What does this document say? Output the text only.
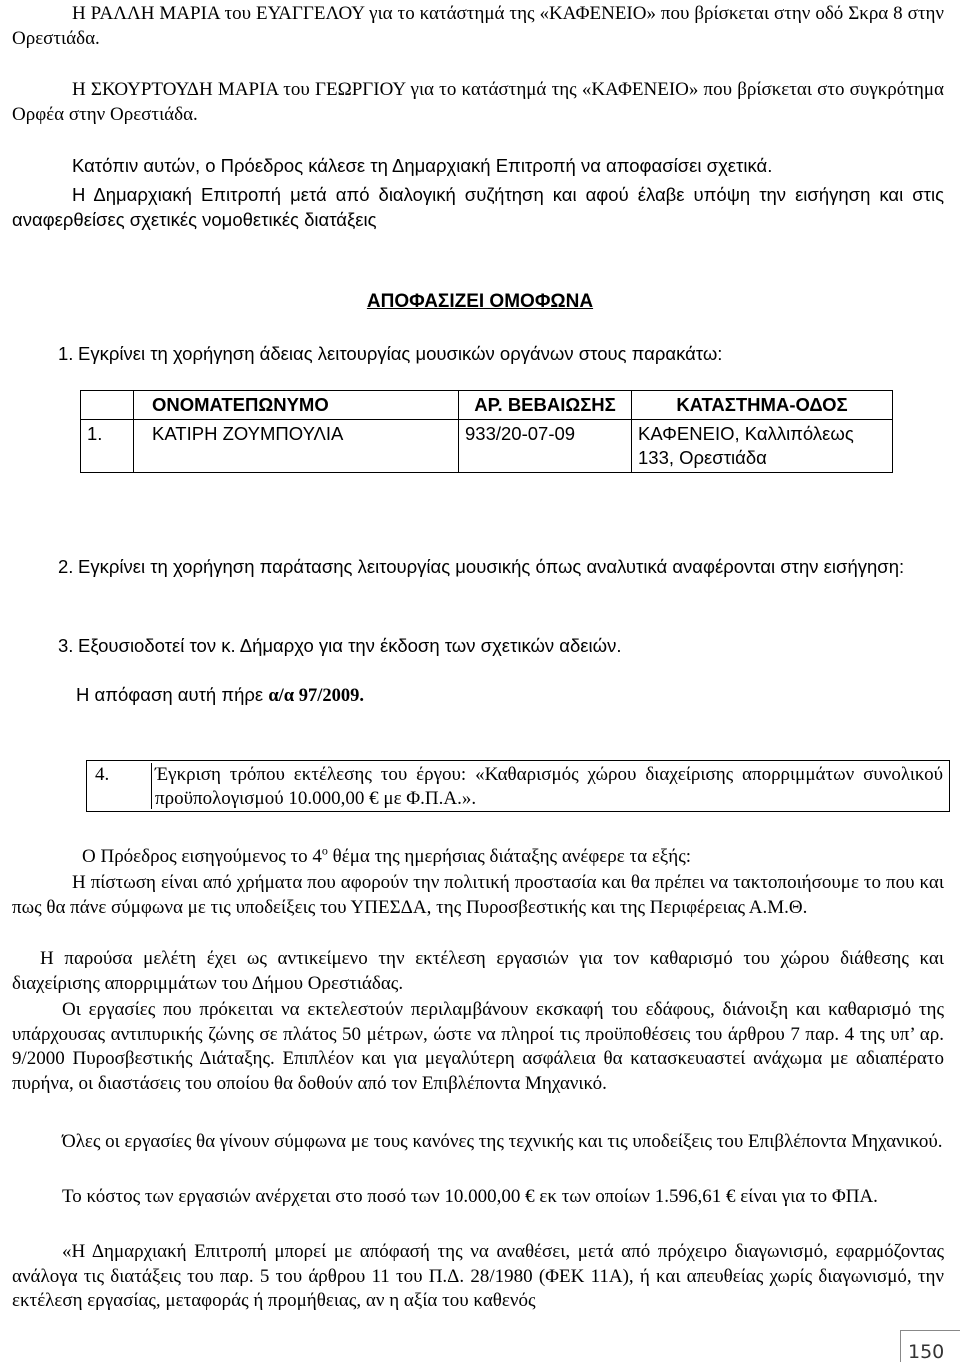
Η ΡΑΛΛΗ ΜΑΡΙΑ του ΕΥΑΓΓΕΛΟΥ για το κατάστημά της «ΚΑΦΕΝΕΙΟ» που βρίσκεται στην οδό Σκρα 8 στην Ορεστιάδα.

Η ΣΚΟΥΡΤΟΥΔΗ ΜΑΡΙΑ του ΓΕΩΡΓΙΟΥ για το κατάστημά της «ΚΑΦΕΝΕΙΟ» που βρίσκεται στο συγκρότημα Ορφέα στην Ορεστιάδα.

Κατόπιν αυτών, ο Πρόεδρος κάλεσε τη Δημαρχιακή Επιτροπή να αποφασίσει σχετικά.

Η Δημαρχιακή Επιτροπή μετά από διαλογική συζήτηση και αφού έλαβε υπόψη την εισήγηση και στις αναφερθείσες σχετικές νομοθετικές διατάξεις

ΑΠΟΦΑΣΙΖΕΙ ΟΜΟΦΩΝΑ
1. Εγκρίνει τη χορήγηση άδειας λειτουργίας μουσικών οργάνων στους παρακάτω:
	ΟΝΟΜΑΤΕΠΩΝΥΜΟ	ΑΡ. ΒΕΒΑΙΩΣΗΣ	ΚΑΤΑΣΤΗΜΑ-ΟΔΟΣ
1.	ΚΑΤΙΡΗ ΖΟΥΜΠΟΥΛΙΑ	933/20-07-09	ΚΑΦΕΝΕΙΟ, Καλλιπόλεως 133, Ορεστιάδα
2. Εγκρίνει τη χορήγηση παράτασης λειτουργίας μουσικής όπως αναλυτικά αναφέρονται στην εισήγηση:
3. Εξουσιοδοτεί τον κ. Δήμαρχο για την έκδοση των σχετικών αδειών.
Η απόφαση αυτή πήρε α/α 97/2009.
4.	Έγκριση τρόπου εκτέλεσης του έργου: «Καθαρισμός χώρου διαχείρισης απορριμμάτων συνολικού προϋπολογισμού 10.000,00 € με Φ.Π.Α.».
Ο Πρόεδρος εισηγούμενος το $4^o$ θέμα της ημερήσιας διάταξης ανέφερε τα εξής:

Η πίστωση είναι από χρήματα που αφορούν την πολιτική προστασία και θα πρέπει να τακτοποιήσουμε το που και πως θα πάνε σύμφωνα με τις υποδείξεις του ΥΠΕΣΔΑ, της Πυροσβεστικής και της Περιφέρειας Α.Μ.Θ.

Η παρούσα μελέτη έχει ως αντικείμενο την εκτέλεση εργασιών για τον καθαρισμό του χώρου διάθεσης και διαχείρισης απορριμμάτων του Δήμου Ορεστιάδας.

Οι εργασίες που πρόκειται να εκτελεστούν περιλαμβάνουν εκσκαφή του εδάφους, διάνοιξη και καθαρισμό της υπάρχουσας αντιπυρικής ζώνης σε πλάτος 50 μέτρων, ώστε να πληροί τις προϋποθέσεις του άρθρου 7 παρ. 4 της υπ’ αρ. 9/2000 Πυροσβεστικής Διάταξης. Επιπλέον και για μεγαλύτερη ασφάλεια θα κατασκευαστεί ανάχωμα με αδιαπέρατο πυρήνα, οι διαστάσεις του οποίου θα δοθούν από τον Επιβλέποντα Μηχανικό.

Όλες οι εργασίες θα γίνουν σύμφωνα με τους κανόνες της τεχνικής και τις υποδείξεις του Επιβλέποντα Μηχανικού.

Το κόστος των εργασιών ανέρχεται στο ποσό των 10.000,00 € εκ των οποίων 1.596,61 € είναι για το ΦΠΑ.

«Η Δημαρχιακή Επιτροπή μπορεί με απόφασή της να αναθέσει, μετά από πρόχειρο διαγωνισμό, εφαρμόζοντας ανάλογα τις διατάξεις του παρ. 5 του άρθρου 11 του Π.Δ. 28/1980 (ΦΕΚ 11Α), ή και απευθείας χωρίς διαγωνισμό, την εκτέλεση εργασίας, μεταφοράς ή προμήθειας, αν η αξία του καθενός

150
